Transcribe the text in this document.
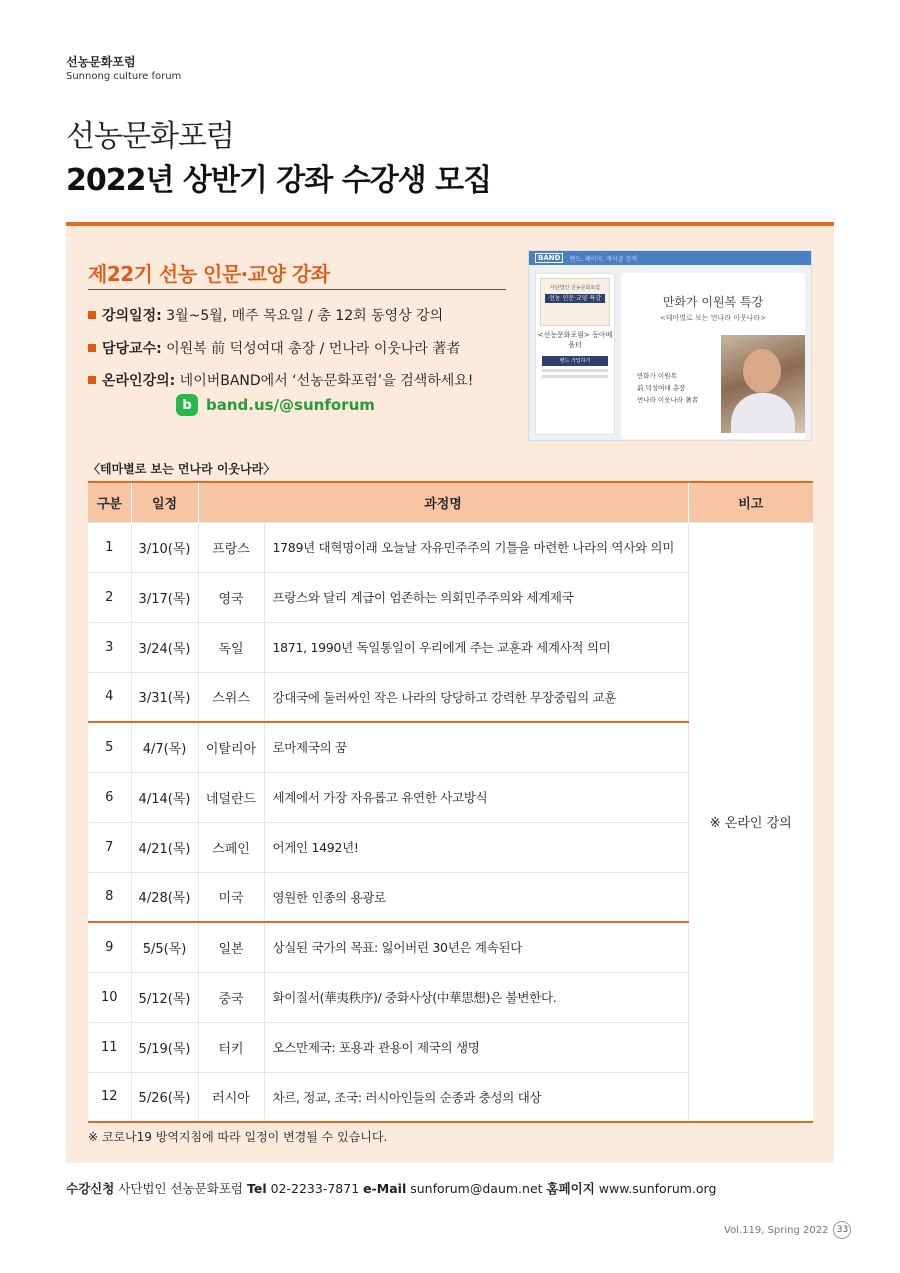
선농문화포럼
Sunnong culture forum
선농문화포럼
2022년 상반기 강좌 수강생 모집
제22기 선농 인문·교양 강좌
강의일정: 3월~5월, 매주 목요일 / 총 12회 동영상 강의
담당교수: 이원복 前 덕성여대 총장 / 먼나라 이웃나라 著者
온라인강의: 네이버BAND에서 ‘선농문화포럼’을 검색하세요!
b band.us/@sunforum
BAND	밴드, 페이지, 게시글 검색
사단법인 선농문화포럼
선농 인문·교양 특강
<선농문화포럼> 동아베움터
밴드 가입하기
만화가 이원복 특강
<테마별로 보는 먼나라 이웃나라>
만화가 이원복
前 덕성여대 총장
먼나라 이웃나라 著者
〈테마별로 보는 먼나라 이웃나라〉
구분	일정	과정명		비고
1	3/10(목)	프랑스	1789년 대혁명이래 오늘날 자유민주주의 기틀을 마련한 나라의 역사와 의미	※ 온라인 강의
2	3/17(목)	영국	프랑스와 달리 계급이 엄존하는 의회민주주의와 세계제국	
3	3/24(목)	독일	1871, 1990년 독일통일이 우리에게 주는 교훈과 세계사적 의미	
4	3/31(목)	스위스	강대국에 둘러싸인 작은 나라의 당당하고 강력한 무장중립의 교훈	
5	4/7(목)	이탈리아	로마제국의 꿈	
6	4/14(목)	네덜란드	세계에서 가장 자유롭고 유연한 사고방식	
7	4/21(목)	스페인	어게인 1492년!	
8	4/28(목)	미국	영원한 인종의 용광로	
9	5/5(목)	일본	상실된 국가의 목표: 잃어버린 30년은 계속된다	
10	5/12(목)	중국	화이질서(華夷秩序)/ 중화사상(中華思想)은 불변한다.	
11	5/19(목)	터키	오스만제국: 포용과 관용이 제국의 생명	
12	5/26(목)	러시아	차르, 정교, 조국: 러시아인들의 순종과 충성의 대상	
※ 코로나19 방역지침에 따라 일정이 변경될 수 있습니다.
수강신청 사단법인 선농문화포럼 Tel 02-2233-7871 e-Mail sunforum@daum.net 홈페이지 www.sunforum.org
Vol.119, Spring 2022 33
